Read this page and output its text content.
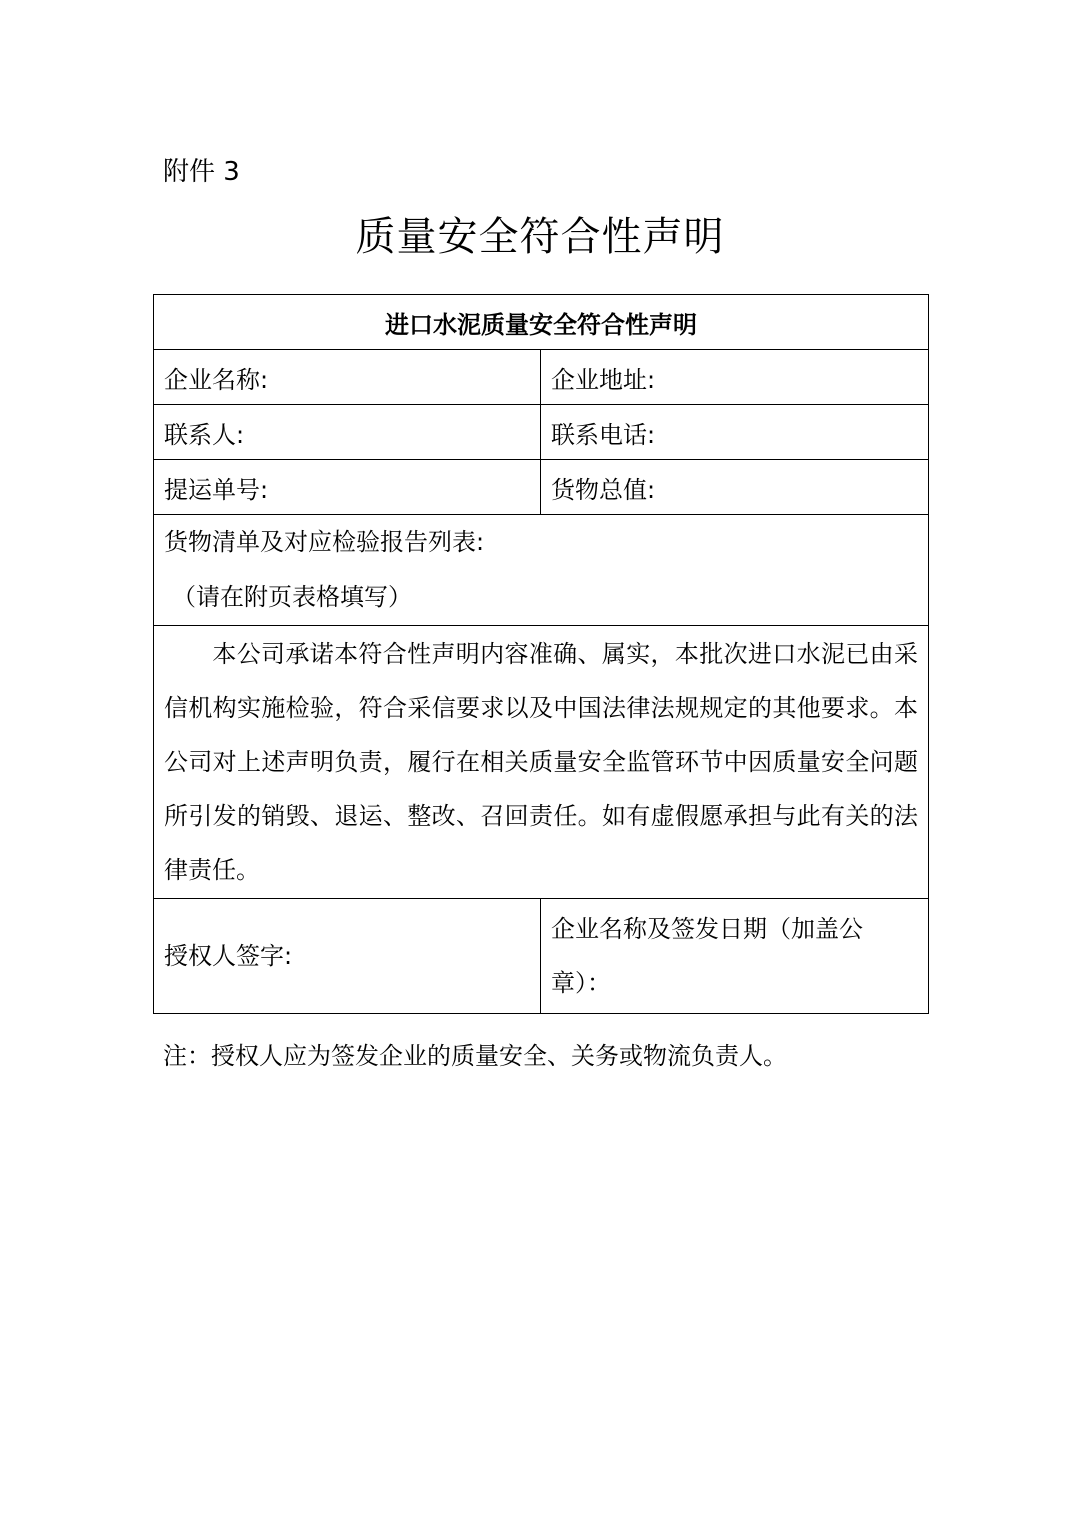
附件 3
质量安全符合性声明
进口水泥质量安全符合性声明	
企业名称:	企业地址:
联系人:	联系电话:
提运单号:	货物总值:

货物清单及对应检验报告列表:
（请在附页表格填写）	

本公司承诺本符合性声明内容准确、属实，本批次进口水泥已由采信机构实施检验，符合采信要求以及中国法律法规规定的其他要求。本公司对上述声明负责，履行在相关质量安全监管环节中因质量安全问题所引发的销毁、退运、整改、召回责任。如有虚假愿承担与此有关的法律责任。	
授权人签字:	企业名称及签发日期（加盖公章）：
注：授权人应为签发企业的质量安全、关务或物流负责人。
